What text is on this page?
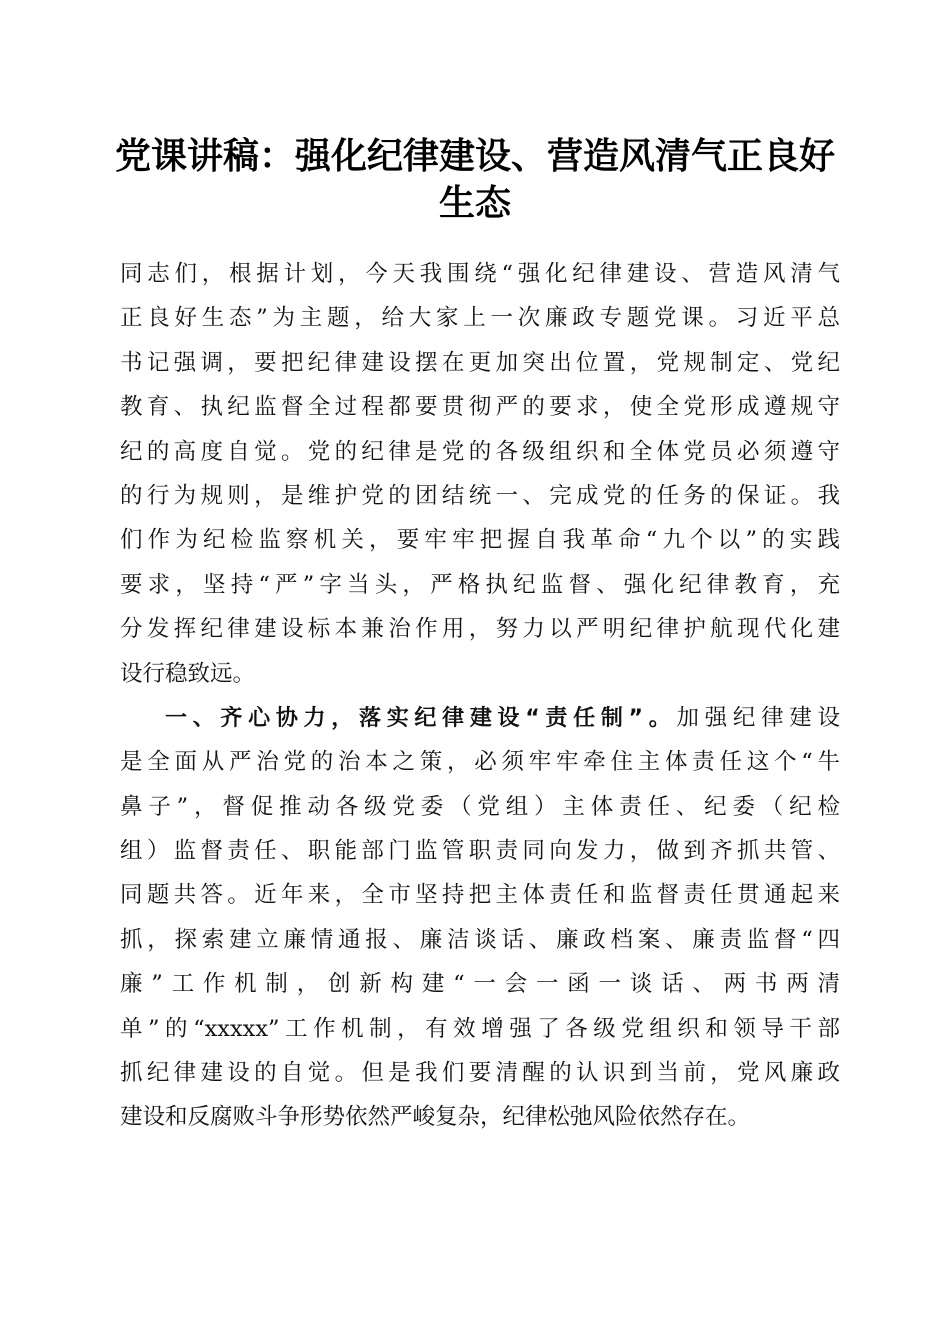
党课讲稿：强化纪律建设、营造风清气正良好
生态
同志们，根据计划，今天我围绕“强化纪律建设、营造风清气
正良好生态”为主题，给大家上一次廉政专题党课。习近平总
书记强调，要把纪律建设摆在更加突出位置，党规制定、党纪
教育、执纪监督全过程都要贯彻严的要求，使全党形成遵规守
纪的高度自觉。党的纪律是党的各级组织和全体党员必须遵守
的行为规则，是维护党的团结统一、完成党的任务的保证。我
们作为纪检监察机关，要牢牢把握自我革命“九个以”的实践
要求，坚持“严”字当头，严格执纪监督、强化纪律教育，充
分发挥纪律建设标本兼治作用，努力以严明纪律护航现代化建
设行稳致远。
一、齐心协力，落实纪律建设“责任制”。加强纪律建设
是全面从严治党的治本之策，必须牢牢牵住主体责任这个“牛
鼻子”，督促推动各级党委（党组）主体责任、纪委（纪检
组）监督责任、职能部门监管职责同向发力，做到齐抓共管、
同题共答。近年来，全市坚持把主体责任和监督责任贯通起来
抓，探索建立廉情通报、廉洁谈话、廉政档案、廉责监督“四
廉”工作机制，创新构建“一会一函一谈话、两书两清
单”的“xxxxx”工作机制，有效增强了各级党组织和领导干部
抓纪律建设的自觉。但是我们要清醒的认识到当前，党风廉政
建设和反腐败斗争形势依然严峻复杂，纪律松弛风险依然存在。
